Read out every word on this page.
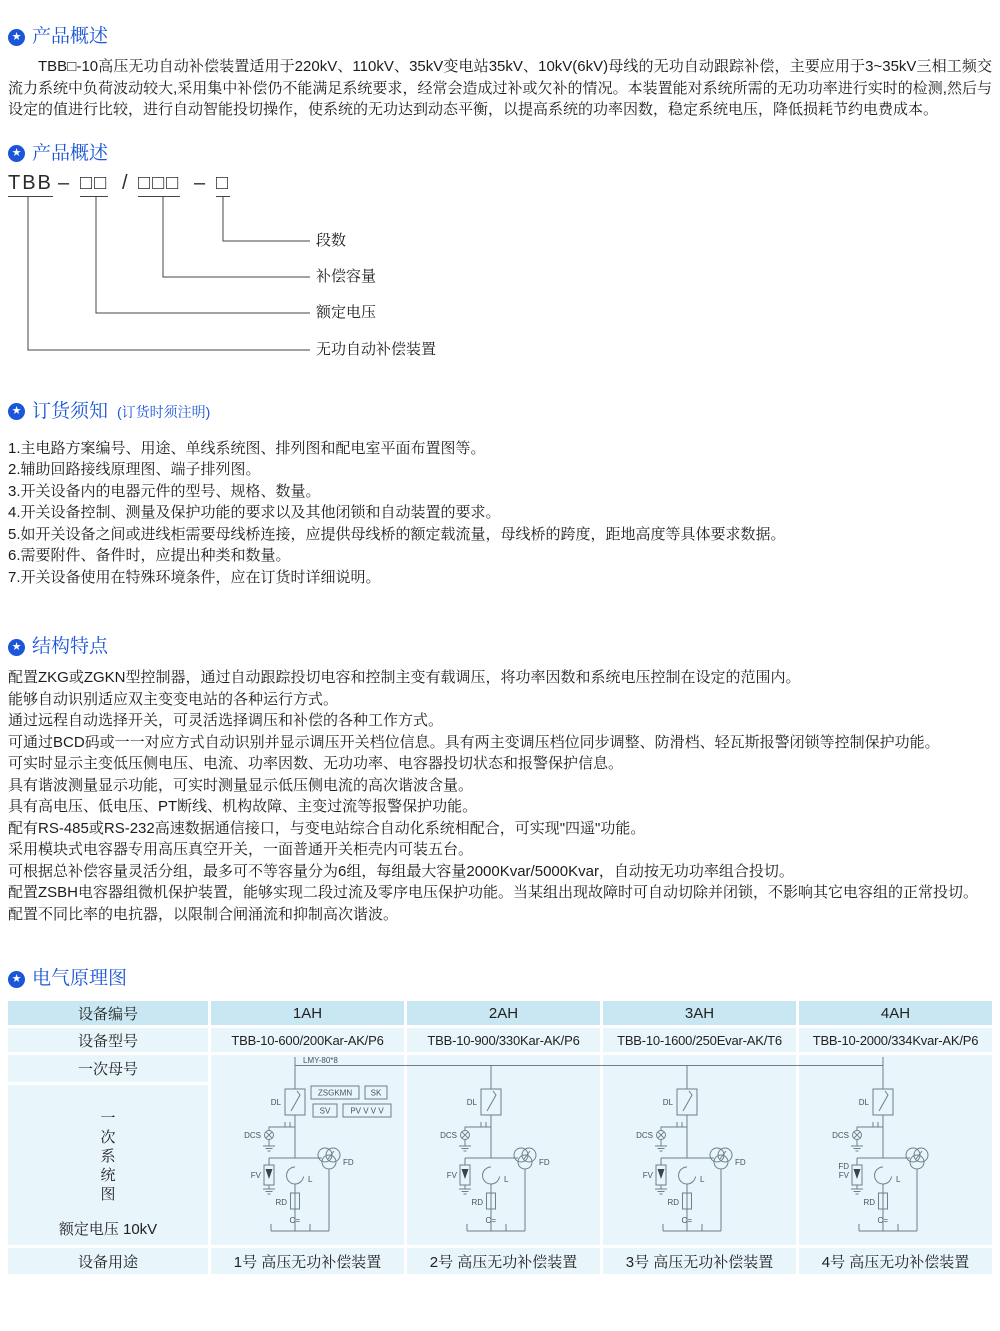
★ 产品概述

TBB□-10高压无功自动补偿装置适用于220kV、110kV、35kV变电站35kV、10kV(6kV)母线的无功自动跟踪补偿，主要应用于3~35kV三相工频交流力系统中负荷波动较大,采用集中补偿仍不能满足系统要求，经常会造成过补或欠补的情况。本装置能对系统所需的无功功率进行实时的检测,然后与设定的值进行比较，进行自动智能投切操作，使系统的无功达到动态平衡，以提高系统的功率因数，稳定系统电压，降低损耗节约电费成本。

★ 产品概述
TBB – □□ / □□□ – □
段数
补偿容量
额定电压
无功自动补偿装置
★ 订货须知 (订货时须注明)
1.主电路方案编号、用途、单线系统图、排列图和配电室平面布置图等。
2.辅助回路接线原理图、端子排列图。
3.开关设备内的电器元件的型号、规格、数量。
4.开关设备控制、测量及保护功能的要求以及其他闭锁和自动装置的要求。
5.如开关设备之间或进线柜需要母线桥连接，应提供母线桥的额定载流量，母线桥的跨度，距地高度等具体要求数据。
6.需要附件、备件时，应提出种类和数量。
7.开关设备使用在特殊环境条件，应在订货时详细说明。
★ 结构特点
配置ZKG或ZGKN型控制器，通过自动跟踪投切电容和控制主变有载调压，将功率因数和系统电压控制在设定的范围内。
能够自动识别适应双主变变电站的各种运行方式。
通过远程自动选择开关，可灵活选择调压和补偿的各种工作方式。
可通过BCD码或一一对应方式自动识别并显示调压开关档位信息。具有两主变调压档位同步调整、防滑档、轻瓦斯报警闭锁等控制保护功能。
可实时显示主变低压侧电压、电流、功率因数、无功功率、电容器投切状态和报警保护信息。
具有谐波测量显示功能，可实时测量显示低压侧电流的高次谐波含量。
具有高电压、低电压、PT断线、机构故障、主变过流等报警保护功能。
配有RS-485或RS-232高速数据通信接口，与变电站综合自动化系统相配合，可实现"四遥"功能。
采用模块式电容器专用高压真空开关，一面普通开关柜壳内可装五台。
可根据总补偿容量灵活分组，最多可不等容量分为6组，每组最大容量2000Kvar/5000Kvar，自动按无功功率组合投切。
配置ZSBH电容器组微机保护装置，能够实现二段过流及零序电压保护功能。当某组出现故障时可自动切除并闭锁，不影响其它电容组的正常投切。
配置不同比率的电抗器，以限制合闸涌流和抑制高次谐波。
★ 电气原理图
设备编号	1AH	2AH	3AH	4AH
设备型号	TBB-10-600/200Kar-AK/P6	TBB-10-900/330Kar-AK/P6	TBB-10-1600/250Evar-AK/T6	TBB-10-2000/334Kvar-AK/P6
一次母号
一次系统图
额定电压 10kV
LMY-80*8
DL
ZSGKMN SK
SV PV V V V
DCS
FV
FD
L
RD
C=
DL
DCS
FV
FD
L
RD
C=
DL
DCS
FV
FD
L
RD
C=
DL
DCS
FD
FV	L
RD
C=
设备用途	1号 高压无功补偿装置	2号 高压无功补偿装置	3号 高压无功补偿装置	4号 高压无功补偿装置
